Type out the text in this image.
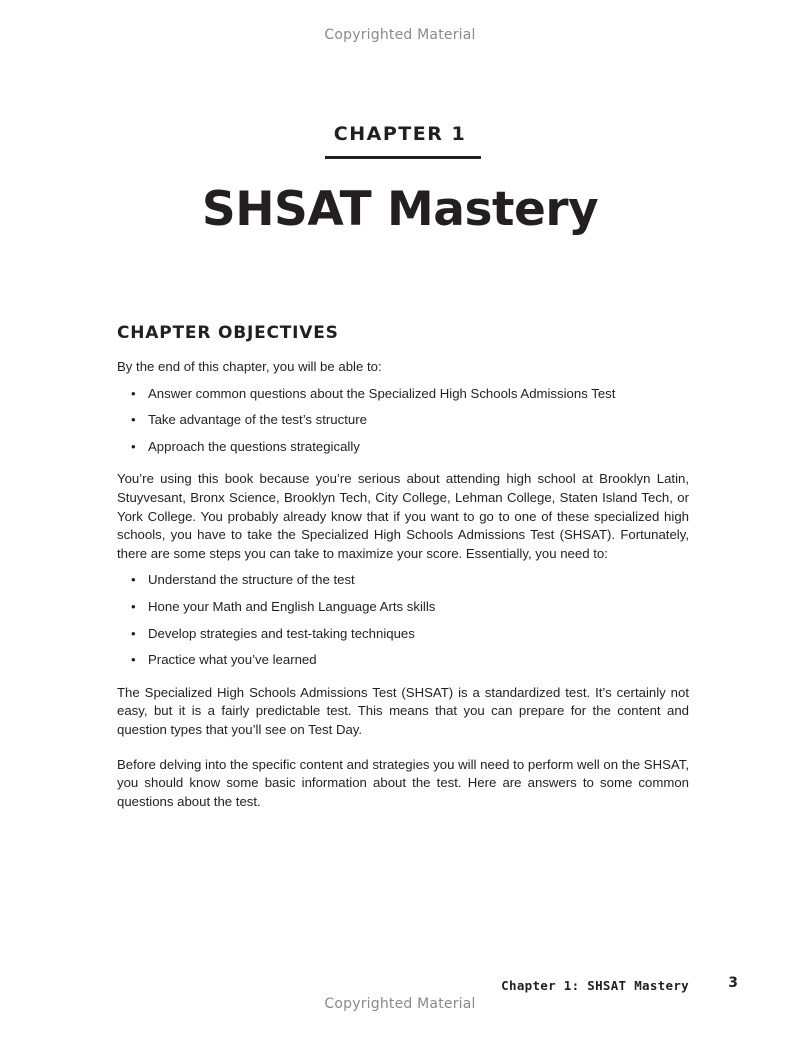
Copyrighted Material
CHAPTER 1
SHSAT Mastery
CHAPTER OBJECTIVES

By the end of this chapter, you will be able to:

• Answer common questions about the Specialized High Schools Admissions Test
• Take advantage of the test’s structure
• Approach the questions strategically

You’re using this book because you’re serious about attending high school at Brooklyn Latin, Stuyvesant, Bronx Science, Brooklyn Tech, City College, Lehman College, Staten Island Tech, or York College. You probably already know that if you want to go to one of these specialized high schools, you have to take the Specialized High Schools Admissions Test (SHSAT). Fortunately, there are some steps you can take to maximize your score. Essentially, you need to:

• Understand the structure of the test
• Hone your Math and English Language Arts skills
• Develop strategies and test-taking techniques
• Practice what you’ve learned

The Specialized High Schools Admissions Test (SHSAT) is a standardized test. It’s certainly not easy, but it is a fairly predictable test. This means that you can prepare for the content and question types that you’ll see on Test Day.

Before delving into the specific content and strategies you will need to perform well on the SHSAT, you should know some basic information about the test. Here are answers to some common questions about the test.

Chapter 1: SHSAT Mastery	3
Copyrighted Material
